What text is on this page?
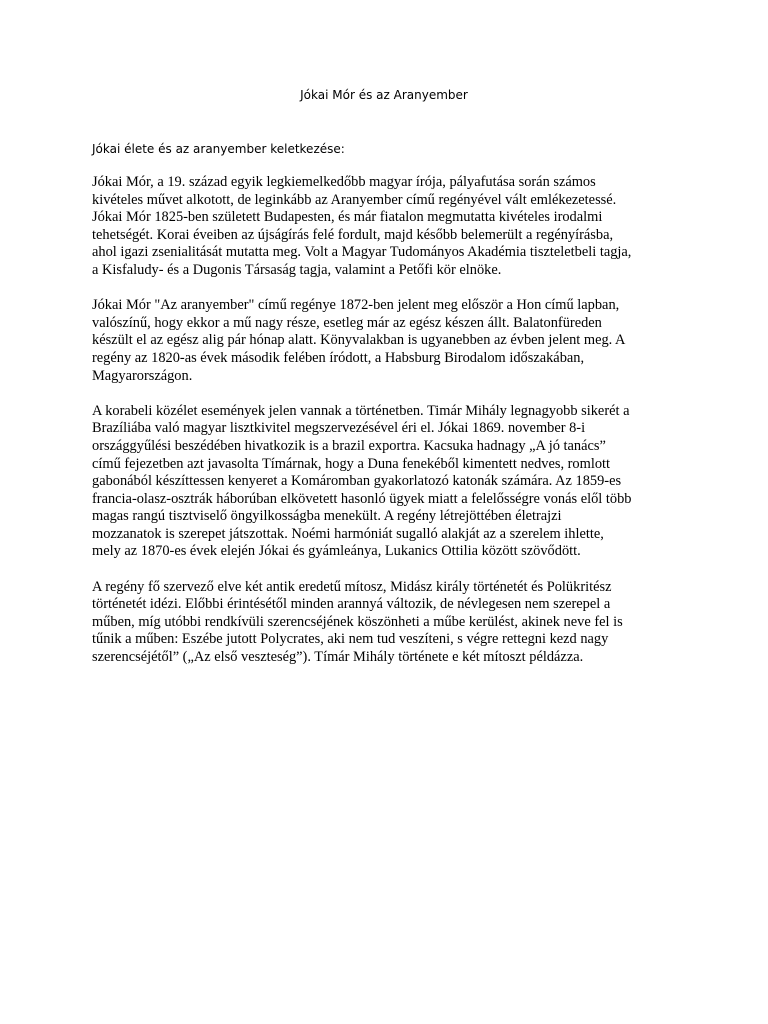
Jókai Mór és az Aranyember
Jókai élete és az aranyember keletkezése:
Jókai Mór, a 19. század egyik legkiemelkedőbb magyar írója, pályafutása során számos
kivételes művet alkotott, de leginkább az Aranyember című regényével vált emlékezetessé.
Jókai Mór 1825-ben született Budapesten, és már fiatalon megmutatta kivételes irodalmi
tehetségét. Korai éveiben az újságírás felé fordult, majd később belemerült a regényírásba,
ahol igazi zsenialitását mutatta meg. Volt a Magyar Tudományos Akadémia tiszteletbeli tagja,
a Kisfaludy- és a Dugonis Társaság tagja, valamint a Petőfi kör elnöke.
Jókai Mór "Az aranyember" című regénye 1872-ben jelent meg először a Hon című lapban,
valószínű, hogy ekkor a mű nagy része, esetleg már az egész készen állt. Balatonfüreden
készült el az egész alig pár hónap alatt. Könyvalakban is ugyanebben az évben jelent meg. A
regény az 1820-as évek második felében íródott, a Habsburg Birodalom időszakában,
Magyarországon.
A korabeli közélet események jelen vannak a történetben. Timár Mihály legnagyobb sikerét a
Brazíliába való magyar lisztkivitel megszervezésével éri el. Jókai 1869. november 8-i
országgyűlési beszédében hivatkozik is a brazil exportra. Kacsuka hadnagy „A jó tanács”
című fejezetben azt javasolta Tímárnak, hogy a Duna fenekéből kimentett nedves, romlott
gabonából készíttessen kenyeret a Komáromban gyakorlatozó katonák számára. Az 1859-es
francia-olasz-osztrák háborúban elkövetett hasonló ügyek miatt a felelősségre vonás elől több
magas rangú tisztviselő öngyilkosságba menekült. A regény létrejöttében életrajzi
mozzanatok is szerepet játszottak. Noémi harmóniát sugalló alakját az a szerelem ihlette,
mely az 1870-es évek elején Jókai és gyámleánya, Lukanics Ottilia között szövődött.
A regény fő szervező elve két antik eredetű mítosz, Midász király történetét és Polükritész
történetét idézi. Előbbi érintésétől minden arannyá változik, de névlegesen nem szerepel a
műben, míg utóbbi rendkívüli szerencséjének köszönheti a műbe kerülést, akinek neve fel is
tűnik a műben: Eszébe jutott Polycrates, aki nem tud veszíteni, s végre rettegni kezd nagy
szerencséjétől” („Az első veszteség”). Tímár Mihály története e két mítoszt példázza.
